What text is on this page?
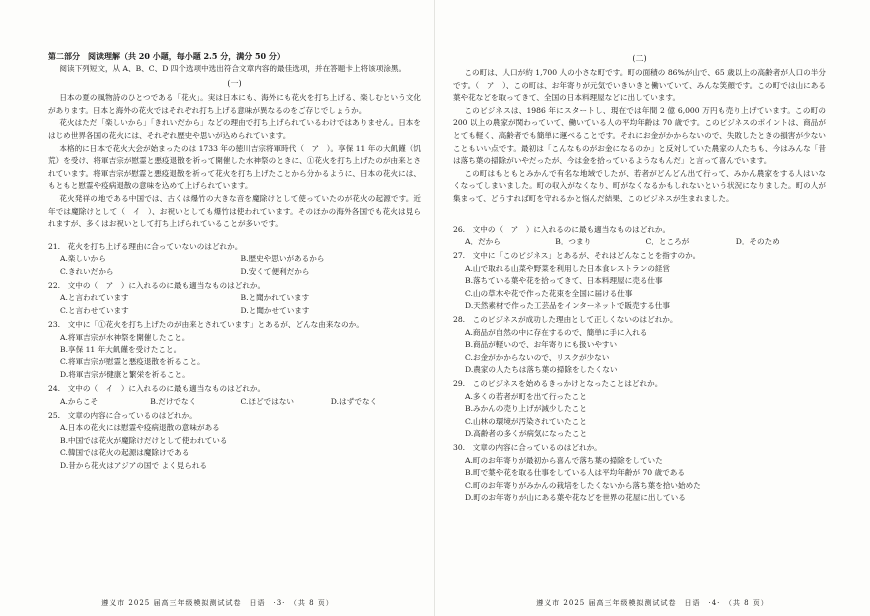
第二部分　阅读理解（共 20 小题，每小题 2.5 分，满分 50 分）

阅读下列短文，从 A、B、C、D 四个选项中选出符合文章内容的最佳选项，并在答题卡上将该项涂黑。

(一)

日本の夏の風物詩のひとつである「花火」。実は日本にも、海外にも花火を打ち上げる、楽しむという文化があります。日本と海外の花火ではそれぞれ打ち上げる意味が異なるのをご存じでしょうか。

花火はただ「楽しいから」「きれいだから」などの理由で打ち上げられているわけではありません。日本をはじめ世界各国の花火には、それぞれ歴史や思いが込められています。

本格的に日本で花火大会が始まったのは 1733 年の徳川吉宗将軍時代（　ア　）。享保 11 年の大飢饉（饥荒）を受け、将軍吉宗が慰霊と悪疫退散を祈って開催した水神祭のときに、①花火を打ち上げたのが由来とされています。将軍吉宗が慰霊と悪疫退散を祈って花火を打ち上げたことから分かるように、日本の花火には、もともと慰霊や疫病退散の意味を込めて上げられています。

花火発祥の地である中国では、古くは爆竹の大きな音を魔除けとして使っていたのが花火の起源です。近年では魔除けとして（　イ　）、お祝いとしても爆竹は使われています。そのほかの海外各国でも花火は見られますが、多くはお祝いとして打ち上げられていることが多いです。

21.　花火を打ち上げる理由に合っていないのはどれか。
A.楽しいから	B.歴史や思いがあるから
C.きれいだから	D.安くて便利だから
22.　文中の（　ア　）に入れるのに最も適当なものはどれか。
A.と言われています	B.と聞かれています
C.と言わせています	D.と聞かせています
23.　文中に「①花火を打ち上げたのが由来とされています」とあるが、どんな由来なのか。
A.将軍吉宗が水神祭を開催したこと。
B.享保 11 年大飢饉を受けたこと。
C.将軍吉宗が慰霊と悪疫退散を祈ること。
D.将軍吉宗が健康と繁栄を祈ること。
24.　文中の（　イ　）に入れるのに最も適当なものはどれか。
A.からこそ	B.だけでなく	C.ほどではない	D.はずでなく
25.　文章の内容に合っているのはどれか。
A.日本の花火には慰霊や疫病退散の意味がある
B.中国では花火が魔除けだけとして使われている
C.韓国では花火の起源は魔除けである
D.昔から花火はアジアの国で よく見られる
遵义市 2025 届高三年级模拟测试试卷　日语　·3·　（共 8 页）
(二)

この町は、人口が約 1,700 人の小さな町です。町の面積の 86%が山で、65 歳以上の高齢者が人口の半分です。（　ア　）、この町は、お年寄りが元気でいきいきと働いていて、みんな笑顔です。この町では山にある葉や花などを取ってきて、全国の日本料理屋などに出しています。

このビジネスは、1986 年にスタートし、現在では年間 2 億 6,000 万円も売り上げています。この町の 200 以上の農家が関わっていて、働いている人の平均年齢は 70 歳です。このビジネスのポイントは、商品がとても軽く、高齢者でも簡単に運べることです。それにお金がかからないので、失敗したときの損害が少ないこともいい点です。最初は「こんなものがお金になるのか」と反対していた農家の人たちも、今はみんな「昔は落ち葉の掃除がいやだったが、今は金を拾っているようなもんだ」と言って喜んでいます。

この町はもともとみかんで有名な地域でしたが、若者がどんどん出て行って、みかん農家をする人はいなくなってしまいました。町の収入がなくなり、町がなくなるかもしれないという状況になりました。町の人が集まって、どうすれば町を守れるかと悩んだ結果、このビジネスが生まれました。

26.　文中の（　ア　）に入れるのに最も適当なものはどれか。
A．だから	B．つまり	C．ところが	D．そのため
27.　文中に「このビジネス」とあるが、それはどんなことを指すのか。
A.山で取れる山菜や野菜を利用した日本食レストランの経営
B.落ちている葉や花を拾ってきて、日本料理屋に売る仕事
C.山の草木や花で作った花束を全国に届ける仕事
D.天然素材で作った工芸品をインターネットで販売する仕事
28.　このビジネスが成功した理由として正しくないのはどれか。
A.商品が自然の中に存在するので、簡単に手に入れる
B.商品が軽いので、お年寄りにも扱いやすい
C.お金がかからないので、リスクが少ない
D.農家の人たちは落ち葉の掃除をしたくない
29.　このビジネスを始めるきっかけとなったことはどれか。
A.多くの若者が町を出て行ったこと
B.みかんの売り上げが減少したこと
C.山林の環境が汚染されていたこと
D.高齢者の多くが病気になったこと
30.　文章の内容に合っているのはどれか。
A.町のお年寄りが最初から喜んで落ち葉の掃除をしていた
B.町で葉や花を取る仕事をしている人は平均年齢が 70 歳である
C.町のお年寄りがみかんの栽培をしたくないから落ち葉を拾い始めた
D.町のお年寄りが山にある葉や花などを世界の花屋に出している
遵义市 2025 届高三年级模拟测试试卷　日语　·4·　（共 8 页）
